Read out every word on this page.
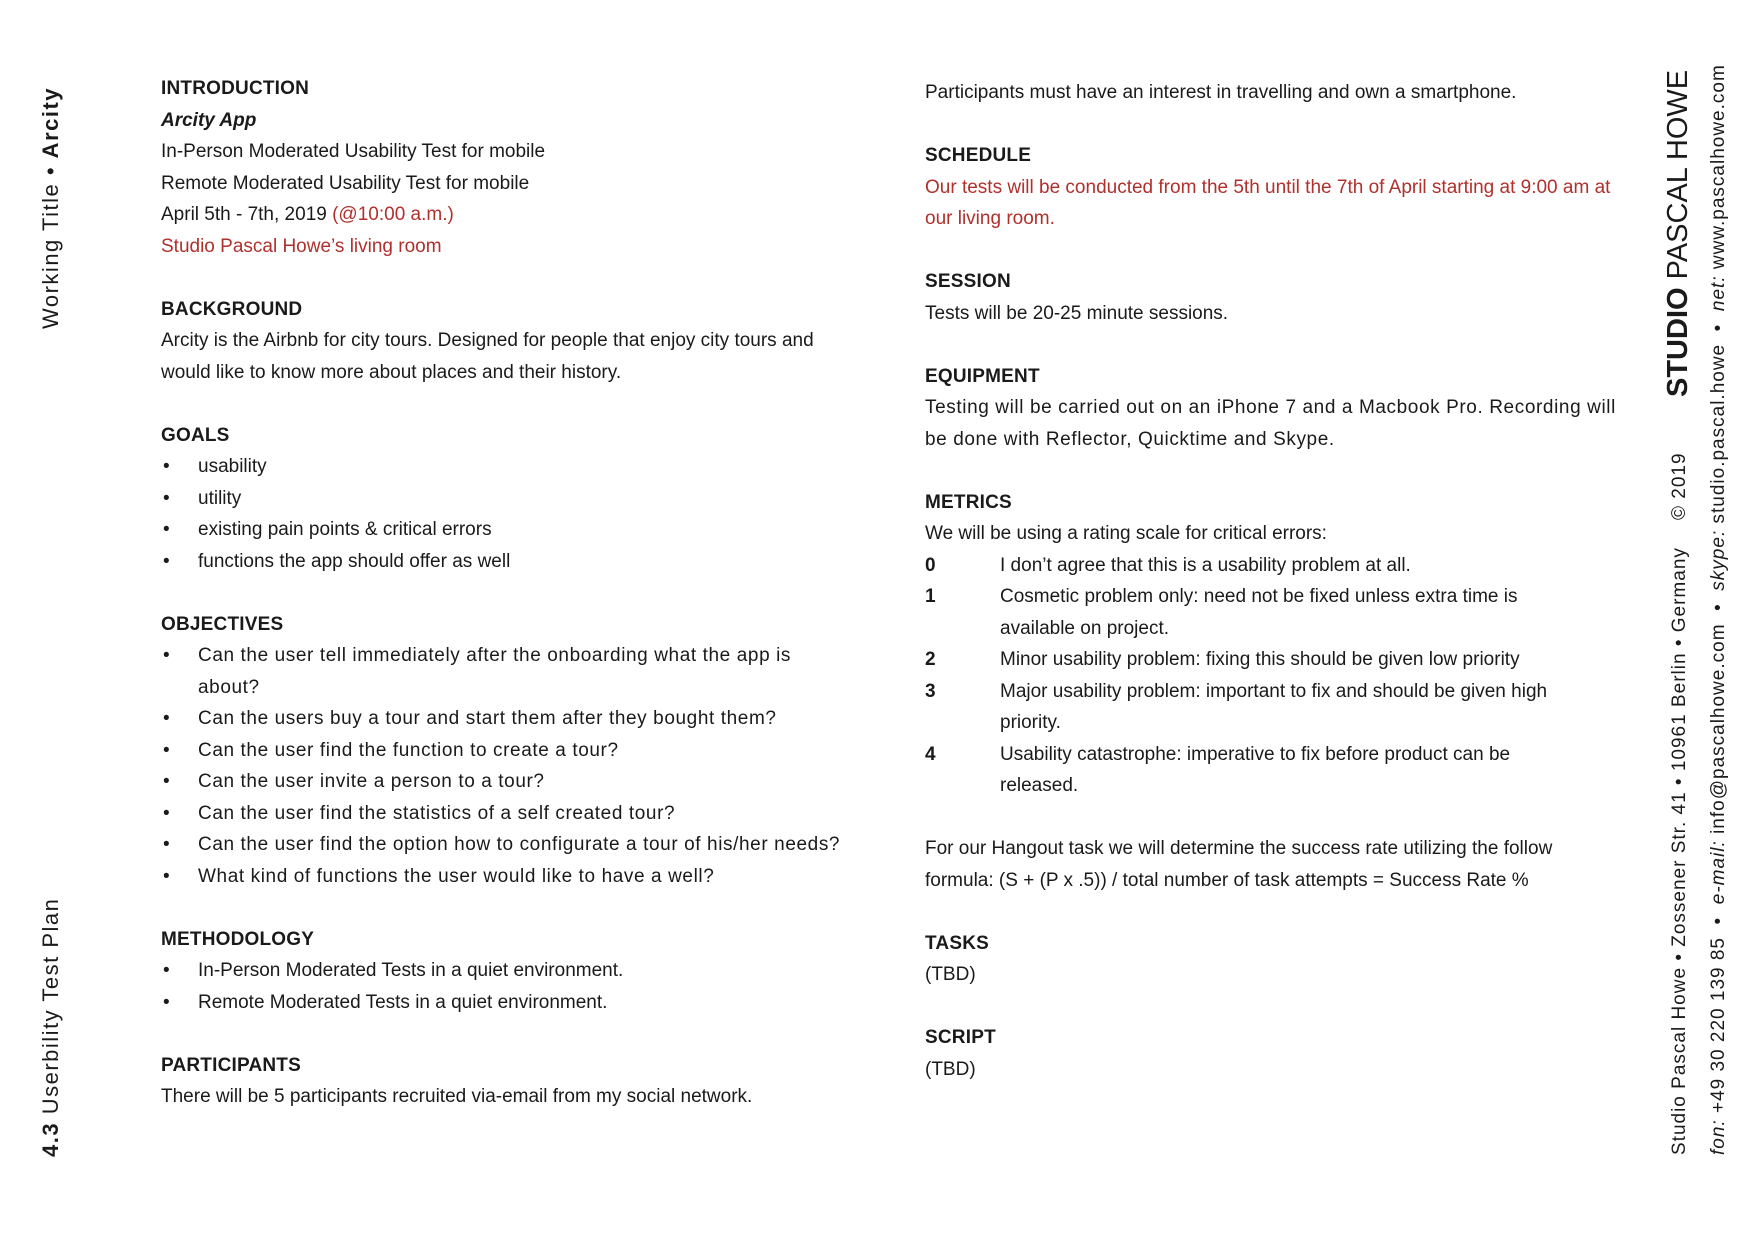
Working Title • Arcity
4.3 Userbility Test Plan
STUDIO PASCAL HOWE
© 2019
Studio Pascal Howe • Zossener Str. 41 • 10961 Berlin • Germany fon: +49 30 220 139 85  •  e-mail: info@pascalhowe.com  •  skype: studio.pascal.howe  •  net: www.pascalhowe.com
INTRODUCTION
Arcity App
In-Person Moderated Usability Test for mobile
Remote Moderated Usability Test for mobile
April 5th - 7th, 2019 (@10:00 a.m.)
Studio Pascal Howe’s living room
BACKGROUND
Arcity is the Airbnb for city tours. Designed for people that enjoy city tours and would like to know more about places and their history.
GOALS
• usability
• utility
• existing pain points & critical errors
• functions the app should offer as well
OBJECTIVES
• Can the user tell immediately after the onboarding what the app is about?
• Can the users buy a tour and start them after they bought them?
• Can the user find the function to create a tour?
• Can the user invite a person to a tour?
• Can the user find the statistics of a self created tour?
• Can the user find the option how to configurate a tour of his/her needs?
• What kind of functions the user would like to have a well?
METHODOLOGY
• In-Person Moderated Tests in a quiet environment.
• Remote Moderated Tests in a quiet environment.
PARTICIPANTS
There will be 5 participants recruited via-email from my social network.
Participants must have an interest in travelling and own a smartphone.
SCHEDULE
Our tests will be conducted from the 5th until the 7th of April starting at 9:00 am at our living room.
SESSION
Tests will be 20-25 minute sessions.
EQUIPMENT
Testing will be carried out on an iPhone 7 and a Macbook Pro. Recording will be done with Reflector, Quicktime and Skype.
METRICS
We will be using a rating scale for critical errors:
0	I don’t agree that this is a usability problem at all.
1	Cosmetic problem only: need not be fixed unless extra time is available on project.
2	Minor usability problem: fixing this should be given low priority
3	Major usability problem: important to fix and should be given high priority.
4	Usability catastrophe: imperative to fix before product can be released.
For our Hangout task we will determine the success rate utilizing the follow formula: (S + (P x .5)) / total number of task attempts = Success Rate %
TASKS
(TBD)
SCRIPT
(TBD)
